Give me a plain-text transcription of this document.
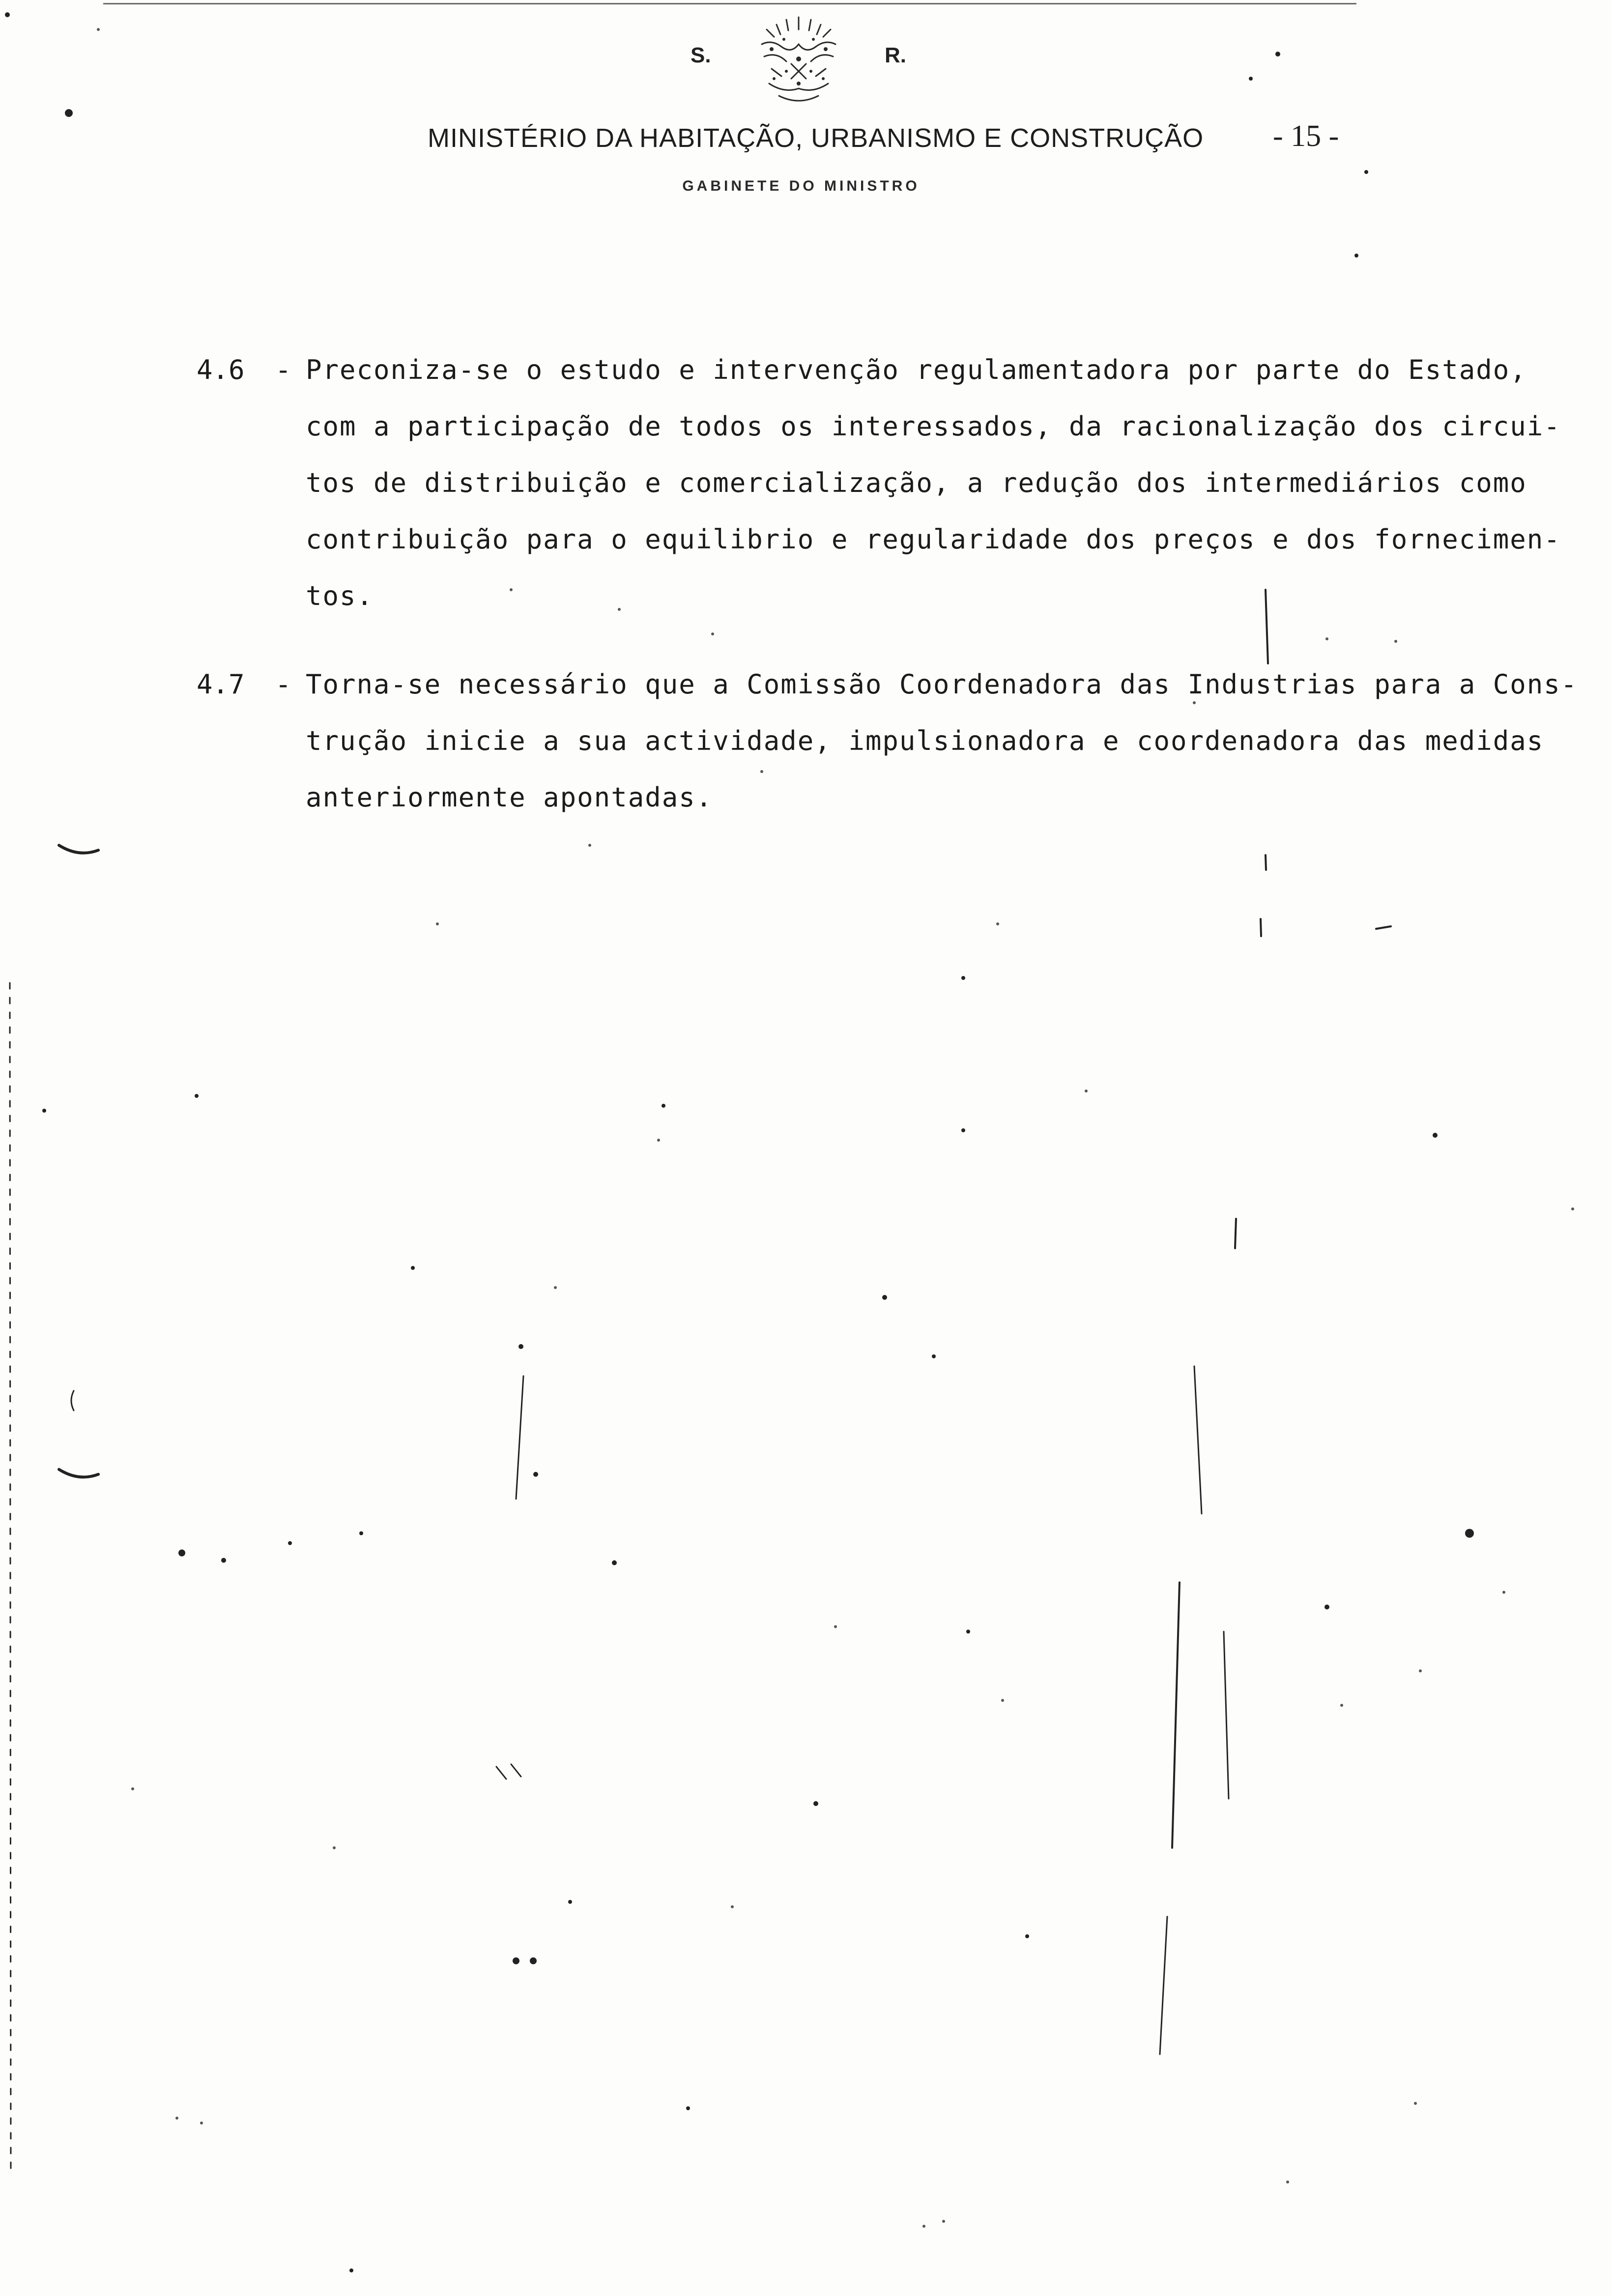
S.	R.
MINISTÉRIO DA HABITAÇÃO, URBANISMO E CONSTRUÇÃO
GABINETE DO MINISTRO
- 15 -
4.6 - Preconiza-se o estudo e intervenção regulamentadora por parte do Estado,
com a participação de todos os interessados, da racionalização dos circui-
tos de distribuição e comercialização, a redução dos intermediários como
contribuição para o equilibrio e regularidade dos preços e dos fornecimen-
tos.
4.7 - Torna-se necessário que a Comissão Coordenadora das Industrias para a Cons-
trução inicie a sua actividade, impulsionadora e coordenadora das medidas
anteriormente apontadas.
